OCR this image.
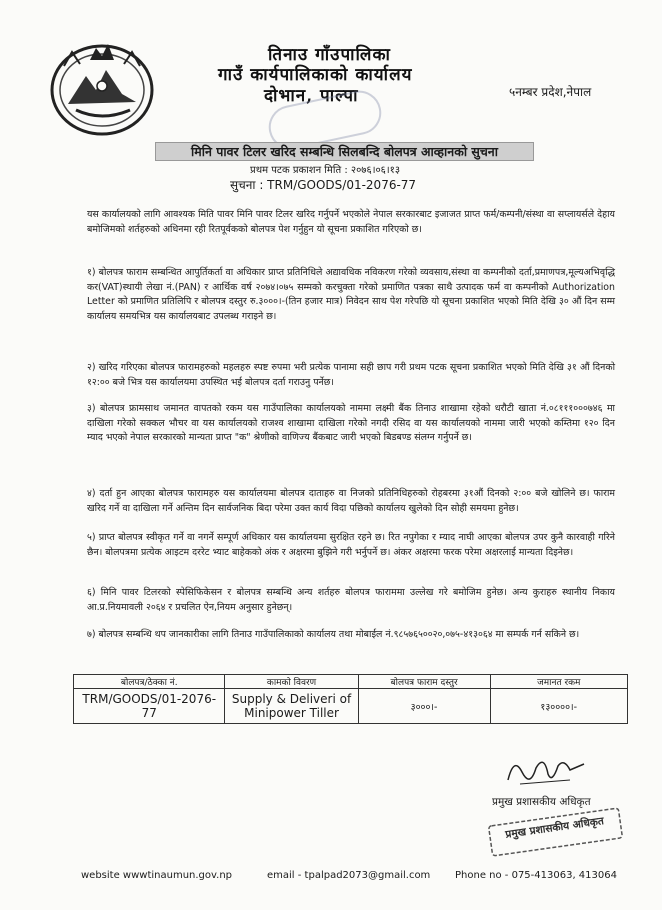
तिनाउ गाँउपालिका
गाउँ कार्यपालिकाको कार्यालय
दोभान, पाल्पा	५नम्बर प्रदेश,नेपाल
मिनि पावर टिलर खरिद सम्बन्धि सिलबन्दि बोलपत्र आव्हानको सुचना
प्रथम पटक प्रकाशन मिति : २०७६।०६।१३
सुचना : TRM/GOODS/01-2076-77
यस कार्यालयको लागि आवश्यक मिति पावर मिनि पावर टिलर खरिद गर्नुपर्ने भएकोले नेपाल सरकारबाट इजाजत प्राप्त फर्म/कम्पनी/संस्था वा सप्लायर्सले देहाय बमोजिमको शर्तहरुको अधिनमा रही रितपूर्वकको बोलपत्र पेश गर्नुहुन यो सूचना प्रकाशित गरिएको छ।
१) बोलपत्र फाराम सम्बन्धित आपुर्तिकर्ता वा अधिकार प्राप्त प्रतिनिधिले अद्यावधिक नविकरण गरेको व्यवसाय,संस्था वा कम्पनीको दर्ता,प्रमाणपत्र,मूल्यअभिवृद्धि कर(VAT)स्थायी लेखा नं.(PAN) र आर्थिक वर्ष २०७४।०७५ सम्मको करचुक्ता गरेको प्रमाणित पत्रका साथै उत्पादक फर्म वा कम्पनीको Authorization Letter को प्रमाणित प्रतिलिपि र बोलपत्र दस्तुर रु.३०००।-(तिन हजार मात्र) निवेदन साथ पेश गरेपछि यो सूचना प्रकाशित भएको मिति देखि ३० औं दिन सम्म कार्यालय समयभित्र यस कार्यालयबाट उपलब्ध गराइने छ।
२) खरिद गरिएका बोलपत्र फारामहरुको महलहरु स्पष्ट रुपमा भरी प्रत्येक पानामा सही छाप गरी प्रथम पटक सूचना प्रकाशित भएको मिति देखि ३१ औं दिनको १२:०० बजे भित्र यस कार्यालयमा उपस्थित भई बोलपत्र दर्ता गराउनु पर्नेछ।
३) बोलपत्र फ्रामसाथ जमानत वापतको रकम यस गाउँपालिका कार्यालयको नाममा लक्ष्मी बैंक तिनाउ शाखामा रहेको धरौटी खाता नं.०८१११०००७४६ मा दाखिला गरेको सक्कल भौचर वा यस कार्यालयको राजश्व शाखामा दाखिला गरेको नगदी रसिद वा यस कार्यालयको नाममा जारी भएको कम्तिमा १२० दिन म्याद भएको नेपाल सरकारको मान्यता प्राप्त "क" श्रेणीको वाणिज्य बैंकबाट जारी भएको बिडबण्ड संलग्न गर्नुपर्ने छ।
४) दर्ता हुन आएका बोलपत्र फारामहरु यस कार्यालयमा बोलपत्र दाताहरु वा निजको प्रतिनिधिहरुको रोहबरमा ३१औं दिनको २:०० बजे खोलिने छ। फाराम खरिद गर्ने वा दाखिला गर्ने अन्तिम दिन सार्वजनिक बिदा परेमा उक्त कार्य विदा पछिको कार्यालय खुलेको दिन सोही समयमा हुनेछ।
५) प्राप्त बोलपत्र स्वीकृत गर्ने वा नगर्ने सम्पूर्ण अधिकार यस कार्यालयमा सुरक्षित रहने छ। रित नपुगेका र म्याद नाघी आएका बोलपत्र उपर कुनै कारवाही गरिने छैन। बोलपत्रमा प्रत्येक आइटम दररेट भ्याट बाहेकको अंक र अक्षरमा बुझिने गरी भर्नुपर्ने छ। अंकर अक्षरमा फरक परेमा अक्षरलाई मान्यता दिइनेछ।
६) मिनि पावर टिलरको स्पेसिफिकेसन र बोलपत्र सम्बन्धि अन्य शर्तहरु बोलपत्र फाराममा उल्लेख गरे बमोजिम हुनेछ। अन्य कुराहरु स्थानीय निकाय आ.प्र.नियमावली २०६४ र प्रचलित ऐन,नियम अनुसार हुनेछन्।
७) बोलपत्र सम्बन्धि थप जानकारीका लागि तिनाउ गाउँपालिकाको कार्यालय तथा मोबाईल नं.९८५७६५००२०,०७५-४१३०६४ मा सम्पर्क गर्न सकिने छ।
बोलपत्र/ठेक्का नं.	कामको विवरण	बोलपत्र फाराम दस्तुर	जमानत रकम
TRM/GOODS/01-2076-77	Supply & Deliveri of Minipower Tiller	३०००।-	१३००००।-
प्रमुख प्रशासकीय अधिकृत
प्रमुख प्रशासकीय अधिकृत
website wwwtinaumun.gov.np	email - tpalpad2073@gmail.com Phone no - 075-413063, 413064
